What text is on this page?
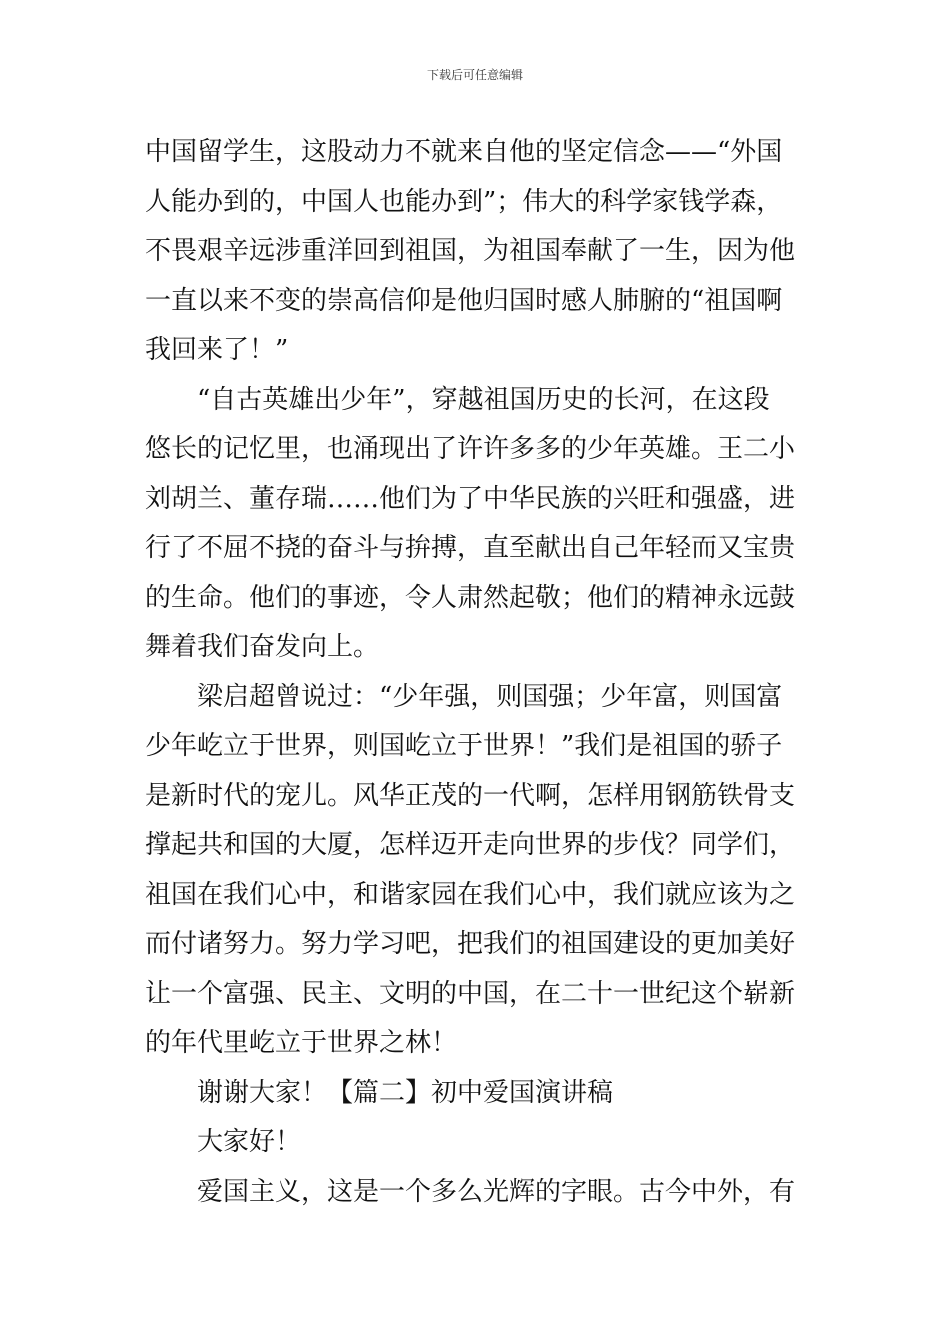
下载后可任意编辑
中国留学生，这股动力不就来自他的坚定信念——“外国
人能办到的，中国人也能办到”；伟大的科学家钱学森，
不畏艰辛远涉重洋回到祖国，为祖国奉献了一生，因为他
一直以来不变的崇高信仰是他归国时感人肺腑的“祖国啊
我回来了！”
“自古英雄出少年”，穿越祖国历史的长河，在这段
悠长的记忆里，也涌现出了许许多多的少年英雄。王二小
刘胡兰、董存瑞……他们为了中华民族的兴旺和强盛，进
行了不屈不挠的奋斗与拚搏，直至献出自己年轻而又宝贵
的生命。他们的事迹，令人肃然起敬；他们的精神永远鼓
舞着我们奋发向上。
梁启超曾说过：“少年强，则国强；少年富，则国富
少年屹立于世界，则国屹立于世界！”我们是祖国的骄子
是新时代的宠儿。风华正茂的一代啊，怎样用钢筋铁骨支
撑起共和国的大厦，怎样迈开走向世界的步伐？同学们，
祖国在我们心中，和谐家园在我们心中，我们就应该为之
而付诸努力。努力学习吧，把我们的祖国建设的更加美好
让一个富强、民主、文明的中国，在二十一世纪这个崭新
的年代里屹立于世界之林！
谢谢大家！【篇二】初中爱国演讲稿
大家好！
爱国主义，这是一个多么光辉的字眼。古今中外，有
